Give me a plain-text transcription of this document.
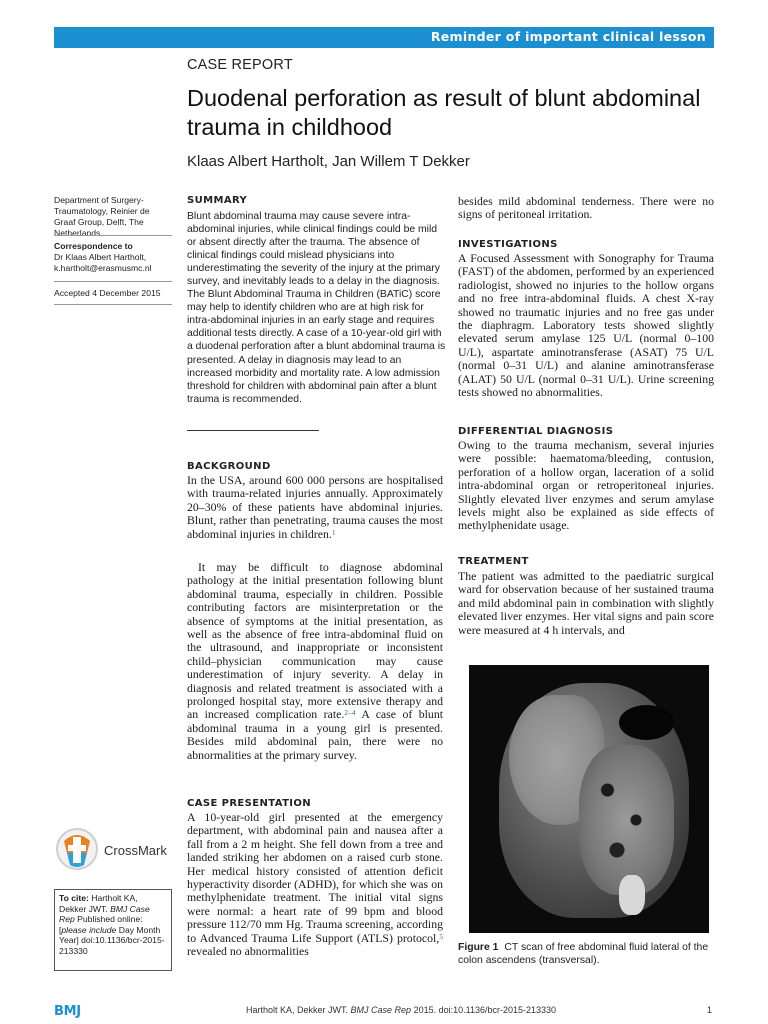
Reminder of important clinical lesson
CASE REPORT
Duodenal perforation as result of blunt abdominal trauma in childhood
Klaas Albert Hartholt, Jan Willem T Dekker
Department of Surgery-Traumatology, Reinier de Graaf Group, Delft, The Netherlands
Correspondence to
Dr Klaas Albert Hartholt,
k.hartholt@erasmusmc.nl
Accepted 4 December 2015
SUMMARY
Blunt abdominal trauma may cause severe intra-abdominal injuries, while clinical findings could be mild or absent directly after the trauma. The absence of clinical findings could mislead physicians into underestimating the severity of the injury at the primary survey, and inevitably leads to a delay in the diagnosis. The Blunt Abdominal Trauma in Children (BATiC) score may help to identify children who are at high risk for intra-abdominal injuries in an early stage and requires additional tests directly. A case of a 10-year-old girl with a duodenal perforation after a blunt abdominal trauma is presented. A delay in diagnosis may lead to an increased morbidity and mortality rate. A low admission threshold for children with abdominal pain after a blunt trauma is recommended.
BACKGROUND
In the USA, around 600 000 persons are hospitalised with trauma-related injuries annually. Approximately 20–30% of these patients have abdominal injuries. Blunt, rather than penetrating, trauma causes the most abdominal injuries in children.$^1$
It may be difficult to diagnose abdominal pathology at the initial presentation following blunt abdominal trauma, especially in children. Possible contributing factors are misinterpretation or the absence of symptoms at the initial presentation, as well as the absence of free intra-abdominal fluid on the ultrasound, and inappropriate or inconsistent child–physician communication may cause underestimation of injury severity. A delay in diagnosis and related treatment is associated with a prolonged hospital stay, more extensive therapy and an increased complication rate.$^{2-4}$ A case of blunt abdominal trauma in a young girl is presented. Besides mild abdominal pain, there were no abnormalities at the primary survey.
CASE PRESENTATION
A 10-year-old girl presented at the emergency department, with abdominal pain and nausea after a fall from a 2 m height. She fell down from a tree and landed striking her abdomen on a raised curb stone. Her medical history consisted of attention deficit hyperactivity disorder (ADHD), for which she was on methylphenidate treatment. The initial vital signs were normal: a heart rate of 99 bpm and blood pressure 112/70 mm Hg. Trauma screening, according to Advanced Trauma Life Support (ATLS) protocol,$^5$ revealed no abnormalities
CrossMark
To cite: Hartholt KA, Dekker JWT. BMJ Case Rep Published online: [please include Day Month Year] doi:10.1136/bcr-2015-213330
besides mild abdominal tenderness. There were no signs of peritoneal irritation.
INVESTIGATIONS
A Focused Assessment with Sonography for Trauma (FAST) of the abdomen, performed by an experienced radiologist, showed no injuries to the hollow organs and no free intra-abdominal fluids. A chest X-ray showed no traumatic injuries and no free gas under the diaphragm. Laboratory tests showed slightly elevated serum amylase 125 U/L (normal 0–100 U/L), aspartate aminotransferase (ASAT) 75 U/L (normal 0–31 U/L) and alanine aminotransferase (ALAT) 50 U/L (normal 0–31 U/L). Urine screening tests showed no abnormalities.
DIFFERENTIAL DIAGNOSIS
Owing to the trauma mechanism, several injuries were possible: haematoma/bleeding, contusion, perforation of a hollow organ, laceration of a solid intra-abdominal organ or retroperitoneal injuries. Slightly elevated liver enzymes and serum amylase levels might also be explained as side effects of methylphenidate usage.
TREATMENT
The patient was admitted to the paediatric surgical ward for observation because of her sustained trauma and mild abdominal pain in combination with slightly elevated liver enzymes. Her vital signs and pain score were measured at 4 h intervals, and
Figure 1 CT scan of free abdominal fluid lateral of the colon ascendens (transversal).
BMJ	Hartholt KA, Dekker JWT. BMJ Case Rep 2015. doi:10.1136/bcr-2015-213330	1
